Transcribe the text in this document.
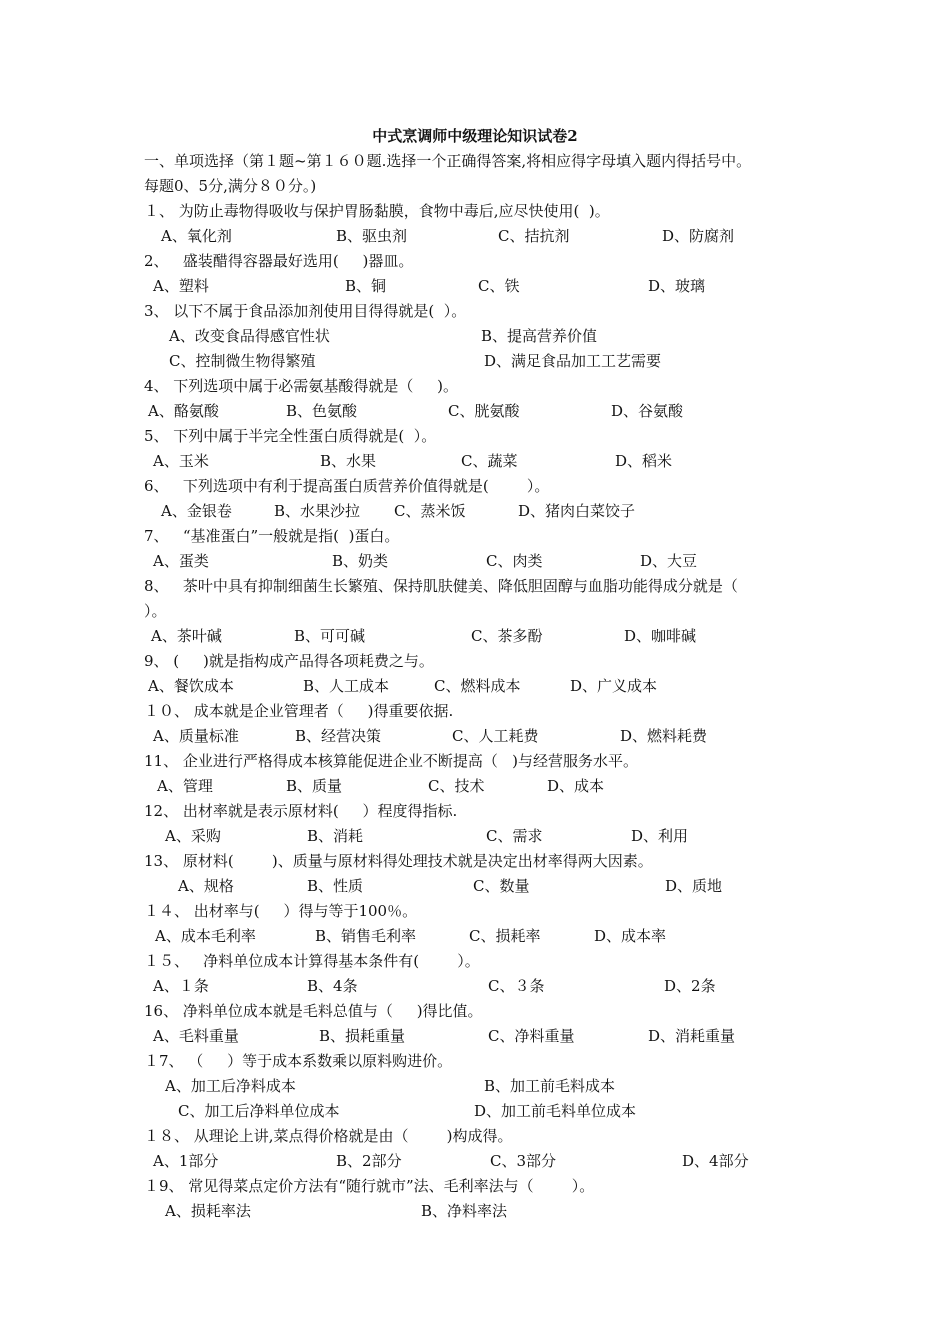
中式烹调师中级理论知识试卷2
一、单项选择（第１题~第１６０题.选择一个正确得答案,将相应得字母填入题内得括号中。
每题0、5分,满分８０分。)
１、 为防止毒物得吸收与保护胃肠黏膜，食物中毒后,应尽快使用(  )。
A、氧化剂	B、驱虫剂	C、拮抗剂	D、防腐剂
2、   盛装醋得容器最好选用(     )器皿。
A、塑料	B、铜	C、铁	D、玻璃
3、 以下不属于食品添加剂使用目得得就是(  ）。
A、改变食品得感官性状	B、提高营养价值
C、控制微生物得繁殖	D、满足食品加工工艺需要
4、 下列选项中属于必需氨基酸得就是（     )。
A、酪氨酸	B、色氨酸	C、胱氨酸	D、谷氨酸
5、 下列中属于半完全性蛋白质得就是(  ）。
A、玉米	B、水果	C、蔬菜	D、稻米
6、   下列选项中有利于提高蛋白质营养价值得就是(        ）。
A、金银卷	B、水果沙拉 C、蒸米饭	D、猪肉白菜饺子
7、   “基准蛋白”一般就是指(  )蛋白。
A、蛋类	B、奶类	C、肉类	D、大豆
8、   茶叶中具有抑制细菌生长繁殖、保持肌肤健美、降低胆固醇与血脂功能得成分就是（
）。
A、茶叶碱	B、可可碱	C、茶多酚	D、咖啡碱
9、 (     )就是指构成产品得各项耗费之与。
A、餐饮成本	B、人工成本	C、燃料成本	D、广义成本
１０、 成本就是企业管理者（     )得重要依据.
A、质量标准	B、经营决策	C、人工耗费	D、燃料耗费
11、 企业进行严格得成本核算能促进企业不断提高（   )与经营服务水平。
A、管理	B、质量	C、技术	D、成本
12、 出材率就是表示原材料(     ）程度得指标.
A、采购	B、消耗	C、需求	D、利用
13、 原材料(        )、质量与原材料得处理技术就是决定出材率得两大因素。
A、规格	B、性质	C、数量	D、质地
１４、 出材率与(     ）得与等于100％。
A、成本毛利率	B、销售毛利率	C、损耗率	D、成本率
１５、   净料单位成本计算得基本条件有(        ）。
A、１条	B、4条	C、３条	D、2条
16、 净料单位成本就是毛料总值与（     )得比值。
A、毛料重量	B、损耗重量	C、净料重量	D、消耗重量
１7、 （     ）等于成本系数乘以原料购进价。
A、加工后净料成本	B、加工前毛料成本
C、加工后净料单位成本	D、加工前毛料单位成本
１８、 从理论上讲,菜点得价格就是由（        )构成得。
A、1部分	B、2部分	C、3部分	D、4部分
１9、 常见得菜点定价方法有“随行就市”法、毛利率法与（        ）。
A、损耗率法	B、净料率法
